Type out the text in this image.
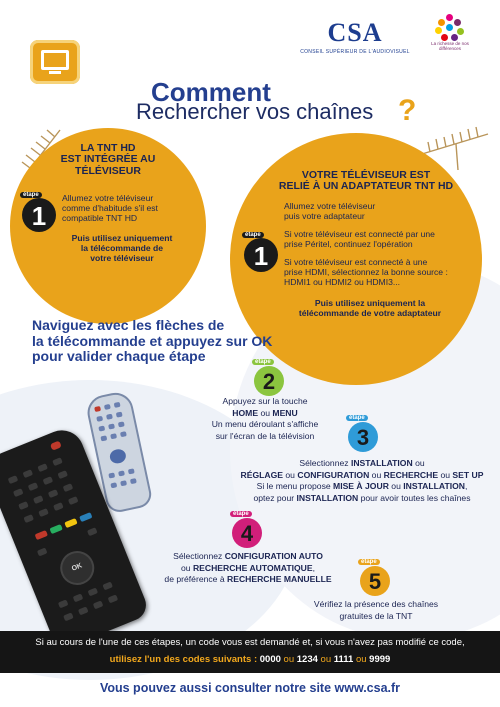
CSA
CONSEIL SUPÉRIEUR DE L'AUDIOVISUEL
La richesse de nos différences
Comment
Rechercher vos chaînes ?
LA TNT HD
EST INTÉGRÉE AU
TÉLÉVISEUR
étape
1
Allumez votre téléviseur
comme d'habitude s'il est
compatible TNT HD
Puis utilisez uniquement
la télécommande de
votre téléviseur
VOTRE TÉLÉVISEUR EST
RELIÉ À UN ADAPTATEUR TNT HD
étape
1
Allumez votre téléviseur
puis votre adaptateur
Si votre téléviseur est connecté par une
prise Péritel, continuez l'opération
Si votre téléviseur est connecté à une
prise HDMI, sélectionnez la bonne source :
HDMI1 ou HDMI2 ou HDMI3...
Puis utilisez uniquement la
télécommande de votre adaptateur
Naviguez avec les flèches de
la télécommande et appuyez sur OK
pour valider chaque étape	étape
2
Appuyez sur la touche
HOME ou MENU
Un menu déroulant s'affiche
sur l'écran de la télévision
étape
3
Sélectionnez INSTALLATION ou
RÉGLAGE ou CONFIGURATION ou RECHERCHE ou SET UP
Si le menu propose MISE À JOUR ou INSTALLATION,
optez pour INSTALLATION pour avoir toutes les chaînes
étape
4
Sélectionnez CONFIGURATION AUTO
ou RECHERCHE AUTOMATIQUE,
de préférence à RECHERCHE MANUELLE
étape
5
Vérifiez la présence des chaînes
gratuites de la TNT
OK
Si au cours de l'une de ces étapes, un code vous est demandé et, si vous n'avez pas modifié ce code,
utilisez l'un des codes suivants : 0000 ou 1234 ou 1111 ou 9999
Vous pouvez aussi consulter notre site www.csa.fr
